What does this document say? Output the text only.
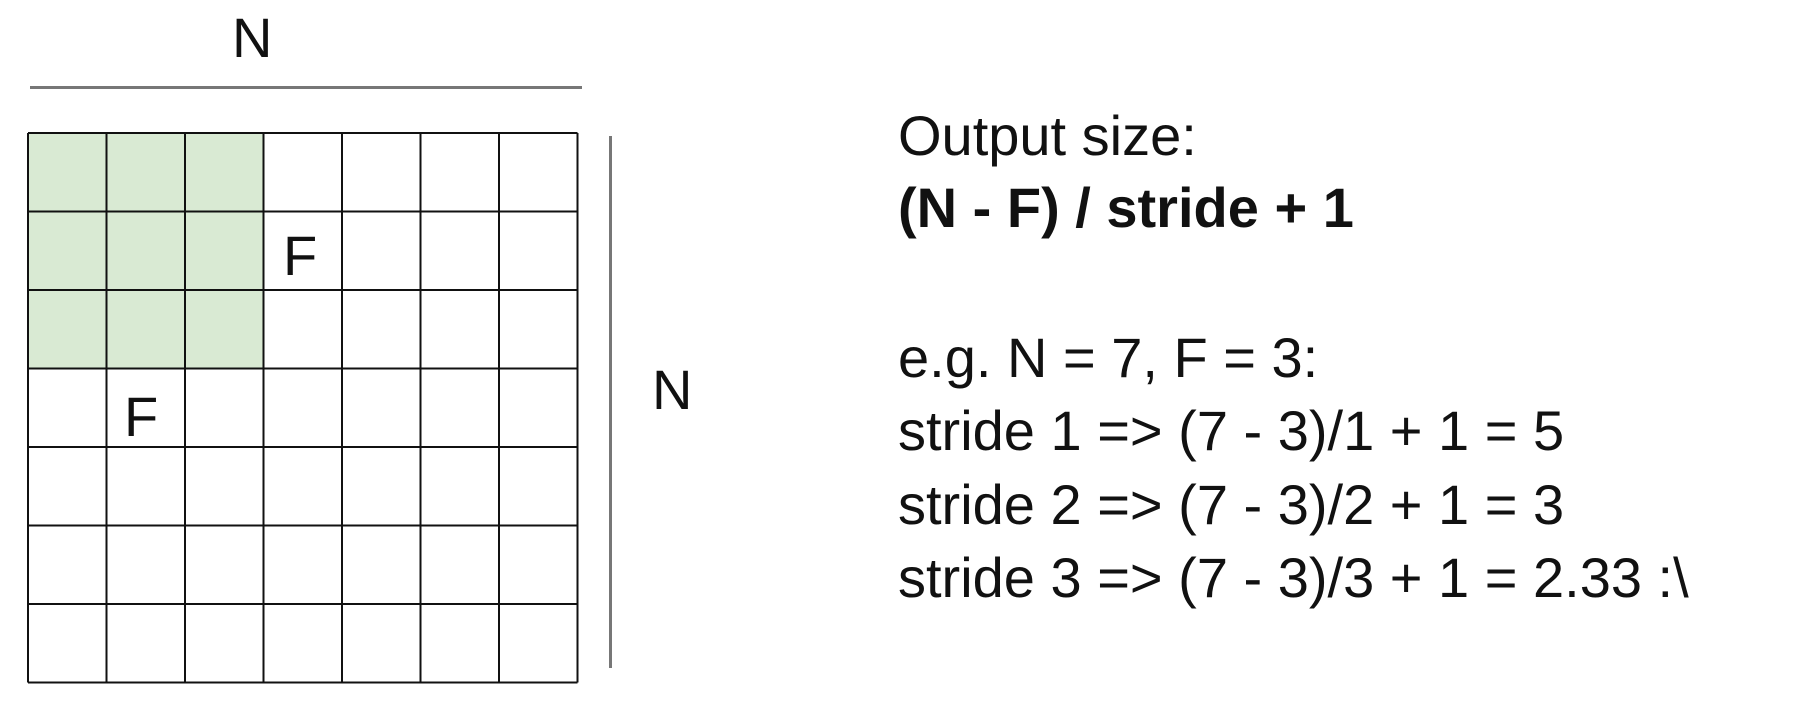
N
F
F	N
Output size:
(N - F) / stride + 1
e.g. N = 7, F = 3:
stride 1 => (7 - 3)/1 + 1 = 5
stride 2 => (7 - 3)/2 + 1 = 3
stride 3 => (7 - 3)/3 + 1 = 2.33 :\
